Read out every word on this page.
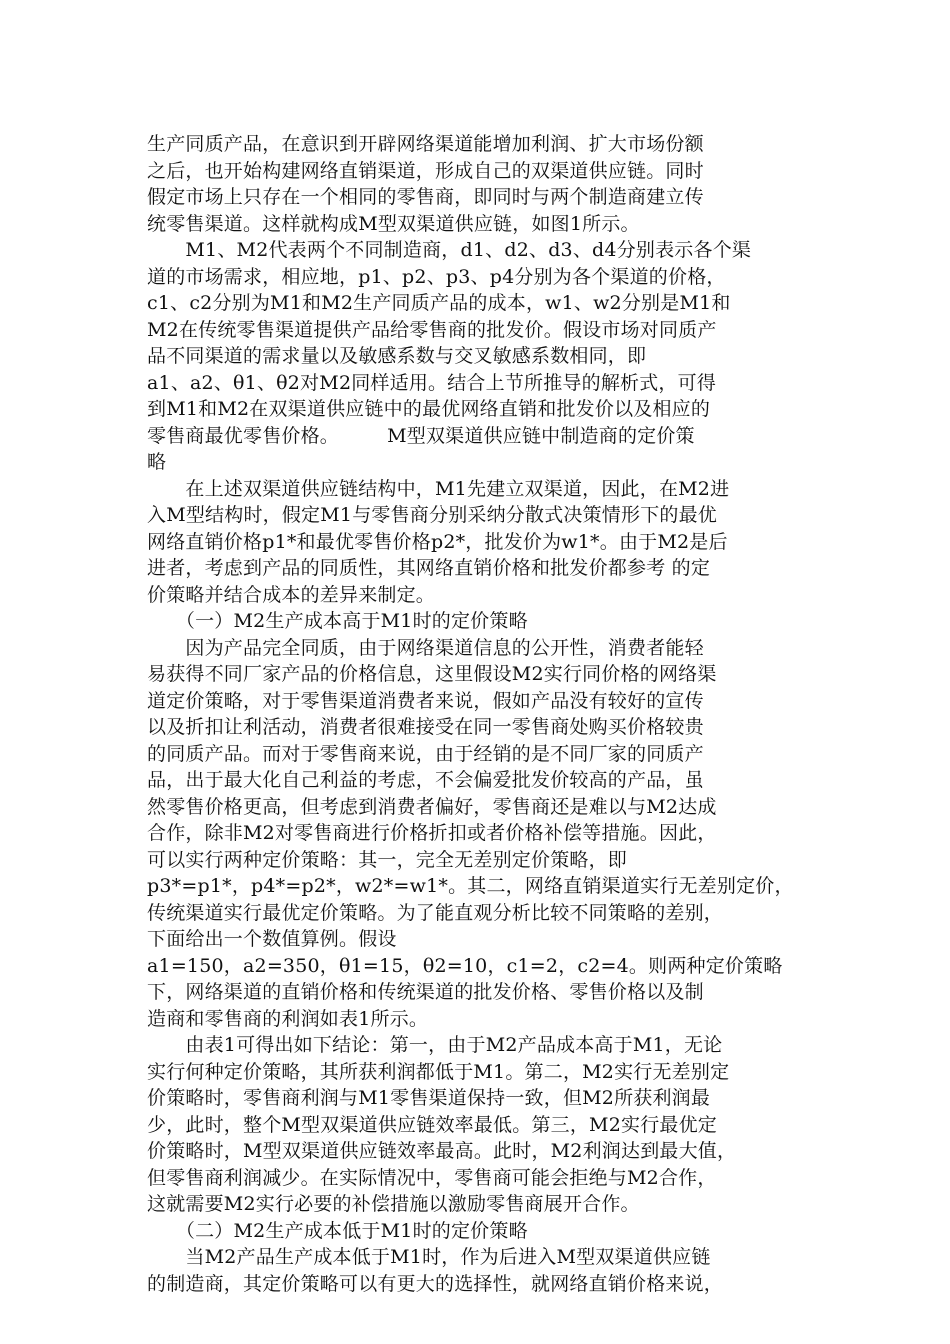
生产同质产品，在意识到开辟网络渠道能增加利润、扩大市场份额
之后，也开始构建网络直销渠道，形成自己的双渠道供应链。同时
假定市场上只存在一个相同的零售商，即同时与两个制造商建立传
统零售渠道。这样就构成M型双渠道供应链，如图1所示。
　　M1、M2代表两个不同制造商，d1、d2、d3、d4分别表示各个渠
道的市场需求，相应地，p1、p2、p3、p4分别为各个渠道的价格，
c1、c2分别为M1和M2生产同质产品的成本，w1、w2分别是M1和
M2在传统零售渠道提供产品给零售商的批发价。假设市场对同质产
品不同渠道的需求量以及敏感系数与交叉敏感系数相同，即
a1、a2、θ1、θ2对M2同样适用。结合上节所推导的解析式，可得
到M1和M2在双渠道供应链中的最优网络直销和批发价以及相应的
零售商最优零售价格。　　　M型双渠道供应链中制造商的定价策
略
　　在上述双渠道供应链结构中，M1先建立双渠道，因此，在M2进
入M型结构时，假定M1与零售商分别采纳分散式决策情形下的最优
网络直销价格p1*和最优零售价格p2*，批发价为w1*。由于M2是后
进者，考虑到产品的同质性，其网络直销价格和批发价都参考 的定
价策略并结合成本的差异来制定。
　　（一）M2生产成本高于M1时的定价策略
　　因为产品完全同质，由于网络渠道信息的公开性，消费者能轻
易获得不同厂家产品的价格信息，这里假设M2实行同价格的网络渠
道定价策略，对于零售渠道消费者来说，假如产品没有较好的宣传
以及折扣让利活动，消费者很难接受在同一零售商处购买价格较贵
的同质产品。而对于零售商来说，由于经销的是不同厂家的同质产
品，出于最大化自己利益的考虑，不会偏爱批发价较高的产品，虽
然零售价格更高，但考虑到消费者偏好，零售商还是难以与M2达成
合作，除非M2对零售商进行价格折扣或者价格补偿等措施。因此，
可以实行两种定价策略：其一，完全无差别定价策略，即
p3*=p1*，p4*=p2*，w2*=w1*。其二，网络直销渠道实行无差别定价，
传统渠道实行最优定价策略。为了能直观分析比较不同策略的差别，
下面给出一个数值算例。假设
a1=150，a2=350，θ1=15，θ2=10，c1=2，c2=4。则两种定价策略
下，网络渠道的直销价格和传统渠道的批发价格、零售价格以及制
造商和零售商的利润如表1所示。
　　由表1可得出如下结论：第一，由于M2产品成本高于M1，无论
实行何种定价策略，其所获利润都低于M1。第二，M2实行无差别定
价策略时，零售商利润与M1零售渠道保持一致，但M2所获利润最
少，此时，整个M型双渠道供应链效率最低。第三，M2实行最优定
价策略时，M型双渠道供应链效率最高。此时，M2利润达到最大值，
但零售商利润减少。在实际情况中，零售商可能会拒绝与M2合作，
这就需要M2实行必要的补偿措施以激励零售商展开合作。
　　（二）M2生产成本低于M1时的定价策略
　　当M2产品生产成本低于M1时，作为后进入M型双渠道供应链
的制造商，其定价策略可以有更大的选择性，就网络直销价格来说，
